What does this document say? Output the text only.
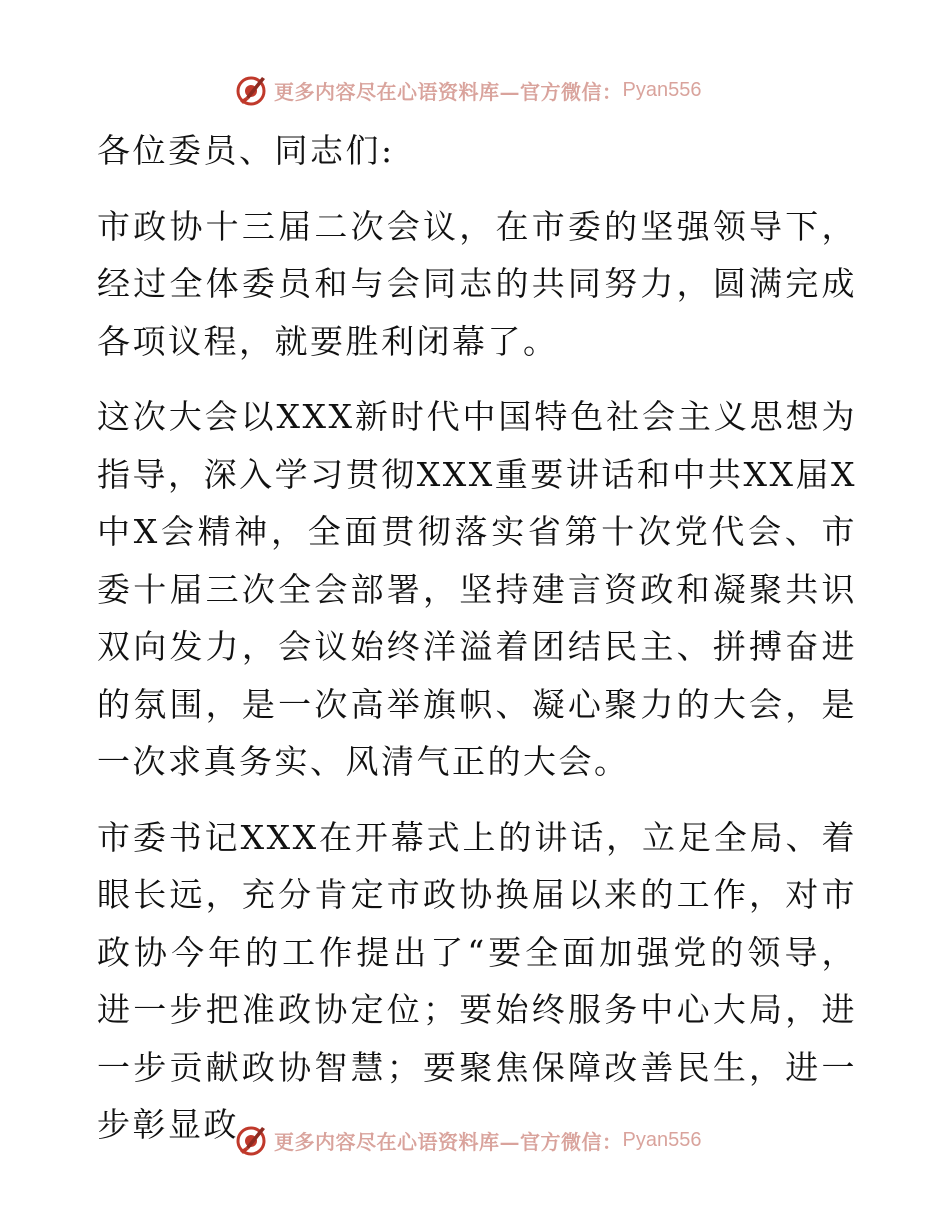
更多内容尽在心语资料库—官方微信： Pyan556

各位委员、同志们:

市政协十三届二次会议，在市委的坚强领导下，经过全体委员和与会同志的共同努力，圆满完成各项议程，就要胜利闭幕了。

这次大会以XXX新时代中国特色社会主义思想为指导，深入学习贯彻XXX重要讲话和中共XX届X中X会精神，全面贯彻落实省第十次党代会、市委十届三次全会部署，坚持建言资政和凝聚共识双向发力，会议始终洋溢着团结民主、拼搏奋进的氛围，是一次高举旗帜、凝心聚力的大会，是一次求真务实、风清气正的大会。

市委书记XXX在开幕式上的讲话，立足全局、着眼长远，充分肯定市政协换届以来的工作，对市政协今年的工作提出了“要全面加强党的领导，进一步把准政协定位；要始终服务中心大局，进一步贡献政协智慧；要聚焦保障改善民生，进一步彰显政	更多内容尽在心语资料库—官方微信： Pyan556
